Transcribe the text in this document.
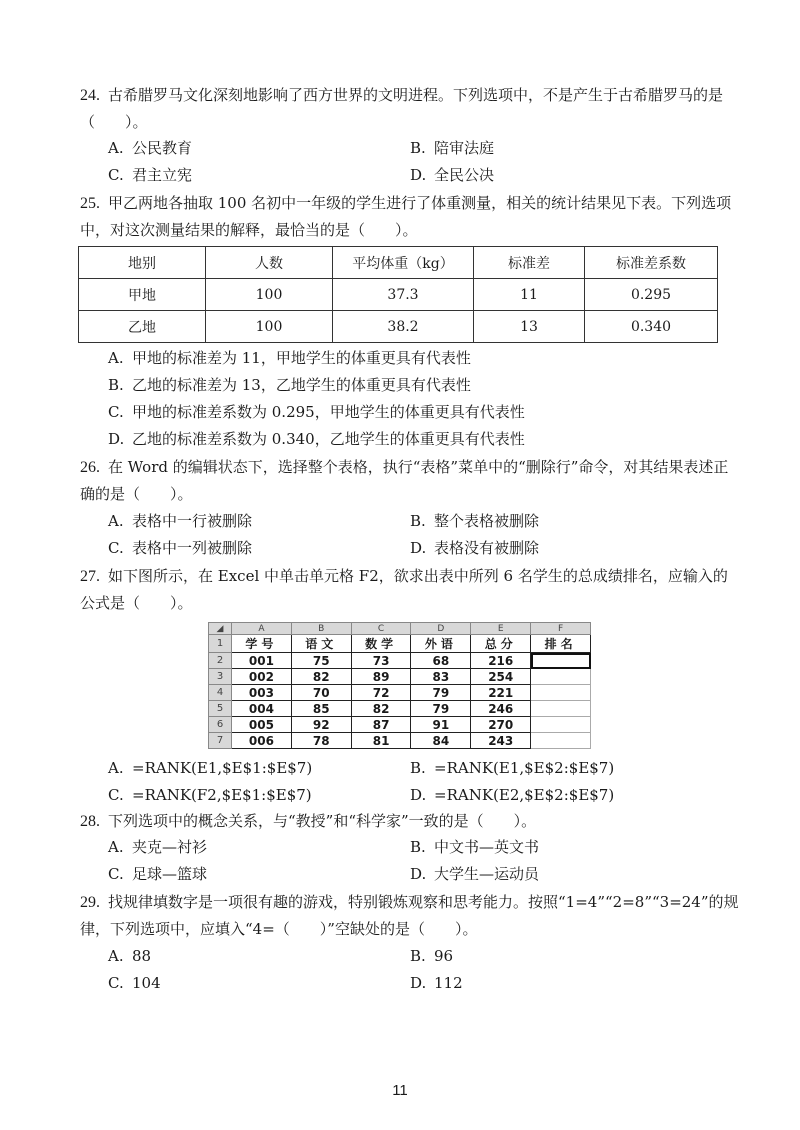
24. 古希腊罗马文化深刻地影响了西方世界的文明进程。下列选项中，不是产生于古希腊罗马的是（　　）。

A. 公民教育	B. 陪审法庭
C. 君主立宪	D. 全民公决

25. 甲乙两地各抽取 100 名初中一年级的学生进行了体重测量，相关的统计结果见下表。下列选项中，对这次测量结果的解释，最恰当的是（　　）。

地别	人数	平均体重（kg）	标准差	标准差系数
甲地	100	37.3	11	0.295
乙地	100	38.2	13	0.340
A. 甲地的标准差为 11，甲地学生的体重更具有代表性
B. 乙地的标准差为 13，乙地学生的体重更具有代表性
C. 甲地的标准差系数为 0.295，甲地学生的体重更具有代表性
D. 乙地的标准差系数为 0.340，乙地学生的体重更具有代表性

26. 在 Word 的编辑状态下，选择整个表格，执行“表格”菜单中的“删除行”命令，对其结果表述正确的是（　　）。

A. 表格中一行被删除	B. 整个表格被删除
C. 表格中一列被删除	D. 表格没有被删除

27. 如下图所示，在 Excel 中单击单元格 F2，欲求出表中所列 6 名学生的总成绩排名，应输入的公式是（　　）。

◢	A	B	C	D	E	F
1	学号	语文	数学	外语	总分	排名
2	001	75	73	68	216	
3	002	82	89	83	254	
4	003	70	72	79	221	
5	004	85	82	79	246	
6	005	92	87	91	270	
7	006	78	81	84	243	
A. =RANK(E1,$E$1:$E$7)	B. =RANK(E1,$E$2:$E$7)
C. =RANK(F2,$E$1:$E$7)	D. =RANK(E2,$E$2:$E$7)

28. 下列选项中的概念关系，与“教授”和“科学家”一致的是（　　）。

A. 夹克—衬衫	B. 中文书—英文书
C. 足球—篮球	D. 大学生—运动员

29. 找规律填数字是一项很有趣的游戏，特别锻炼观察和思考能力。按照“1=4”“2=8”“3=24”的规律，下列选项中，应填入“4=（　　）”空缺处的是（　　）。

A. 88	B. 96
C. 104	D. 112
11
